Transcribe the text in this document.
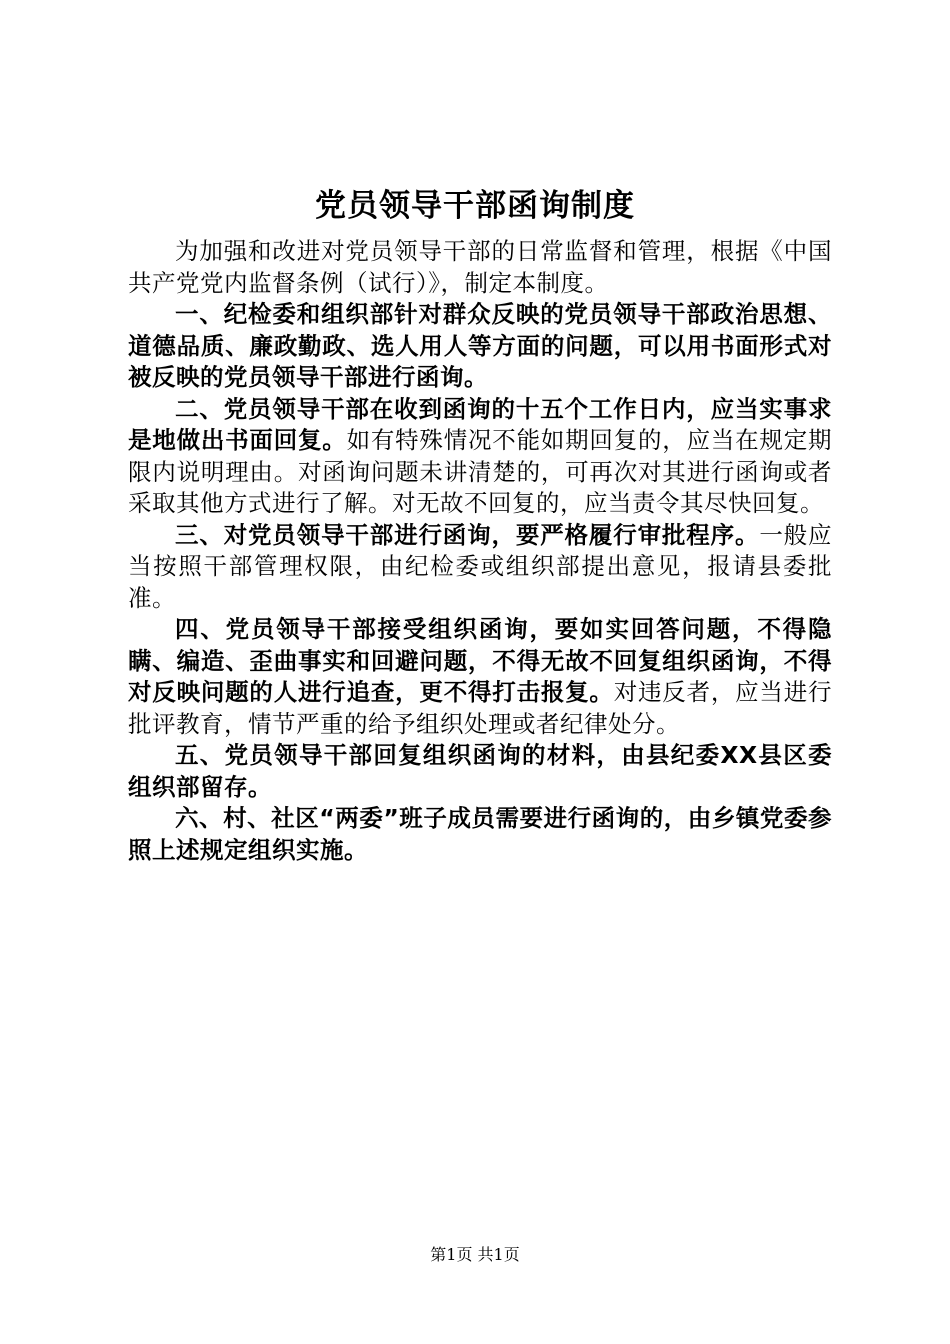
党员领导干部函询制度

为加强和改进对党员领导干部的日常监督和管理，根据《中国共产党党内监督条例（试行）》，制定本制度。

一、纪检委和组织部针对群众反映的党员领导干部政治思想、道德品质、廉政勤政、选人用人等方面的问题，可以用书面形式对被反映的党员领导干部进行函询。

二、党员领导干部在收到函询的十五个工作日内，应当实事求是地做出书面回复。如有特殊情况不能如期回复的，应当在规定期限内说明理由。对函询问题未讲清楚的，可再次对其进行函询或者采取其他方式进行了解。对无故不回复的，应当责令其尽快回复。

三、对党员领导干部进行函询，要严格履行审批程序。一般应当按照干部管理权限，由纪检委或组织部提出意见，报请县委批准。

四、党员领导干部接受组织函询，要如实回答问题，不得隐瞒、编造、歪曲事实和回避问题，不得无故不回复组织函询，不得对反映问题的人进行追查，更不得打击报复。对违反者，应当进行批评教育，情节严重的给予组织处理或者纪律处分。

五、党员领导干部回复组织函询的材料，由县纪委XX县区委组织部留存。

六、村、社区“两委”班子成员需要进行函询的，由乡镇党委参照上述规定组织实施。

第1页 共1页
